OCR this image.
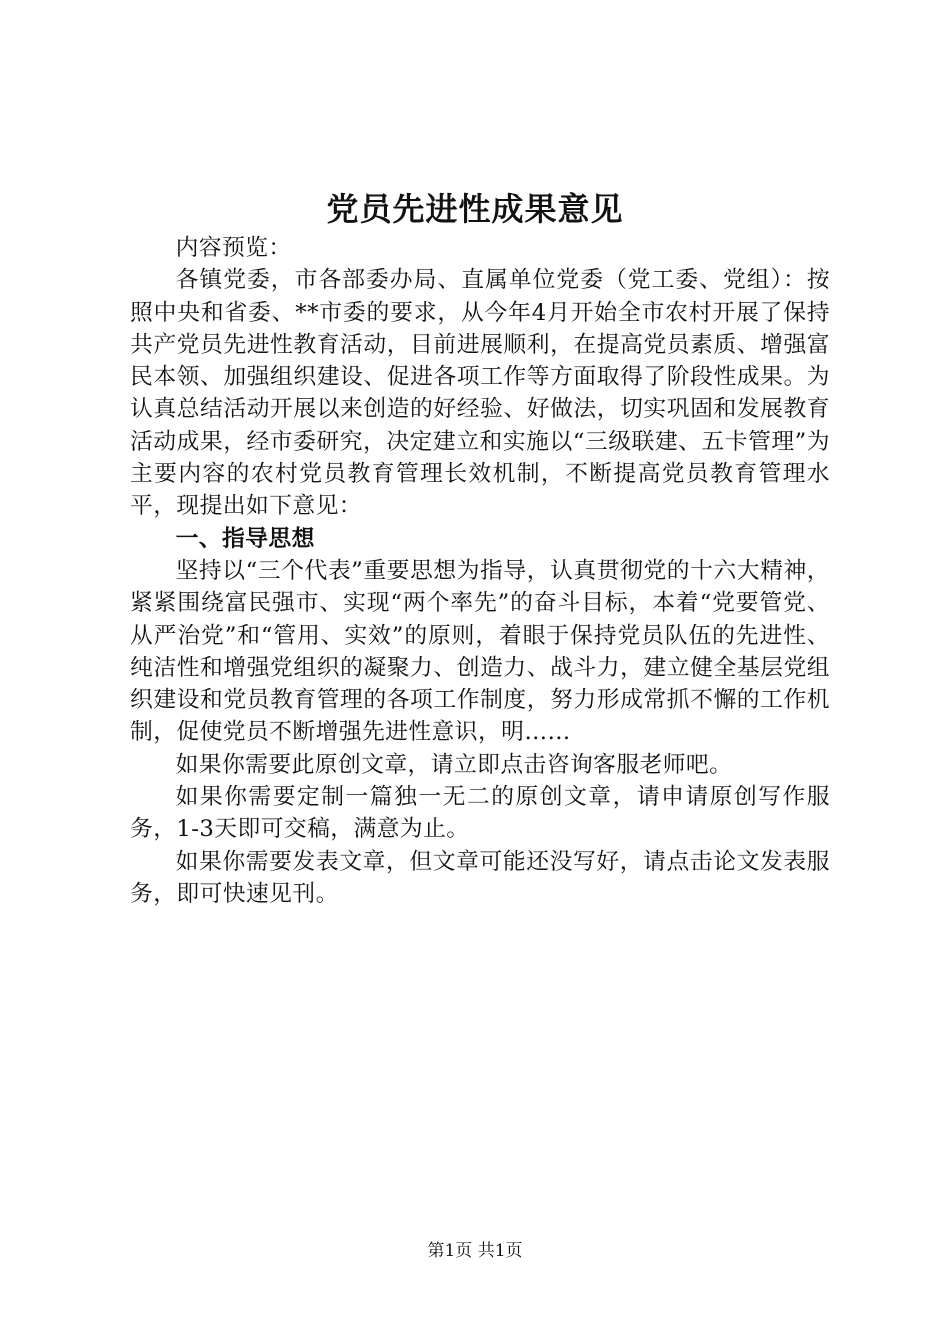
党员先进性成果意见

内容预览：

各镇党委，市各部委办局、直属单位党委（党工委、党组）：按照中央和省委、**市委的要求，从今年4月开始全市农村开展了保持共产党员先进性教育活动，目前进展顺利，在提高党员素质、增强富民本领、加强组织建设、促进各项工作等方面取得了阶段性成果。为认真总结活动开展以来创造的好经验、好做法，切实巩固和发展教育活动成果，经市委研究，决定建立和实施以“三级联建、五卡管理”为主要内容的农村党员教育管理长效机制，不断提高党员教育管理水平，现提出如下意见：

一、指导思想

坚持以“三个代表”重要思想为指导，认真贯彻党的十六大精神，紧紧围绕富民强市、实现“两个率先”的奋斗目标，本着“党要管党、从严治党”和“管用、实效”的原则，着眼于保持党员队伍的先进性、纯洁性和增强党组织的凝聚力、创造力、战斗力，建立健全基层党组织建设和党员教育管理的各项工作制度，努力形成常抓不懈的工作机制，促使党员不断增强先进性意识，明……

如果你需要此原创文章，请立即点击咨询客服老师吧。

如果你需要定制一篇独一无二的原创文章，请申请原创写作服务，1-3天即可交稿，满意为止。

如果你需要发表文章，但文章可能还没写好，请点击论文发表服务，即可快速见刊。

第1页 共1页
